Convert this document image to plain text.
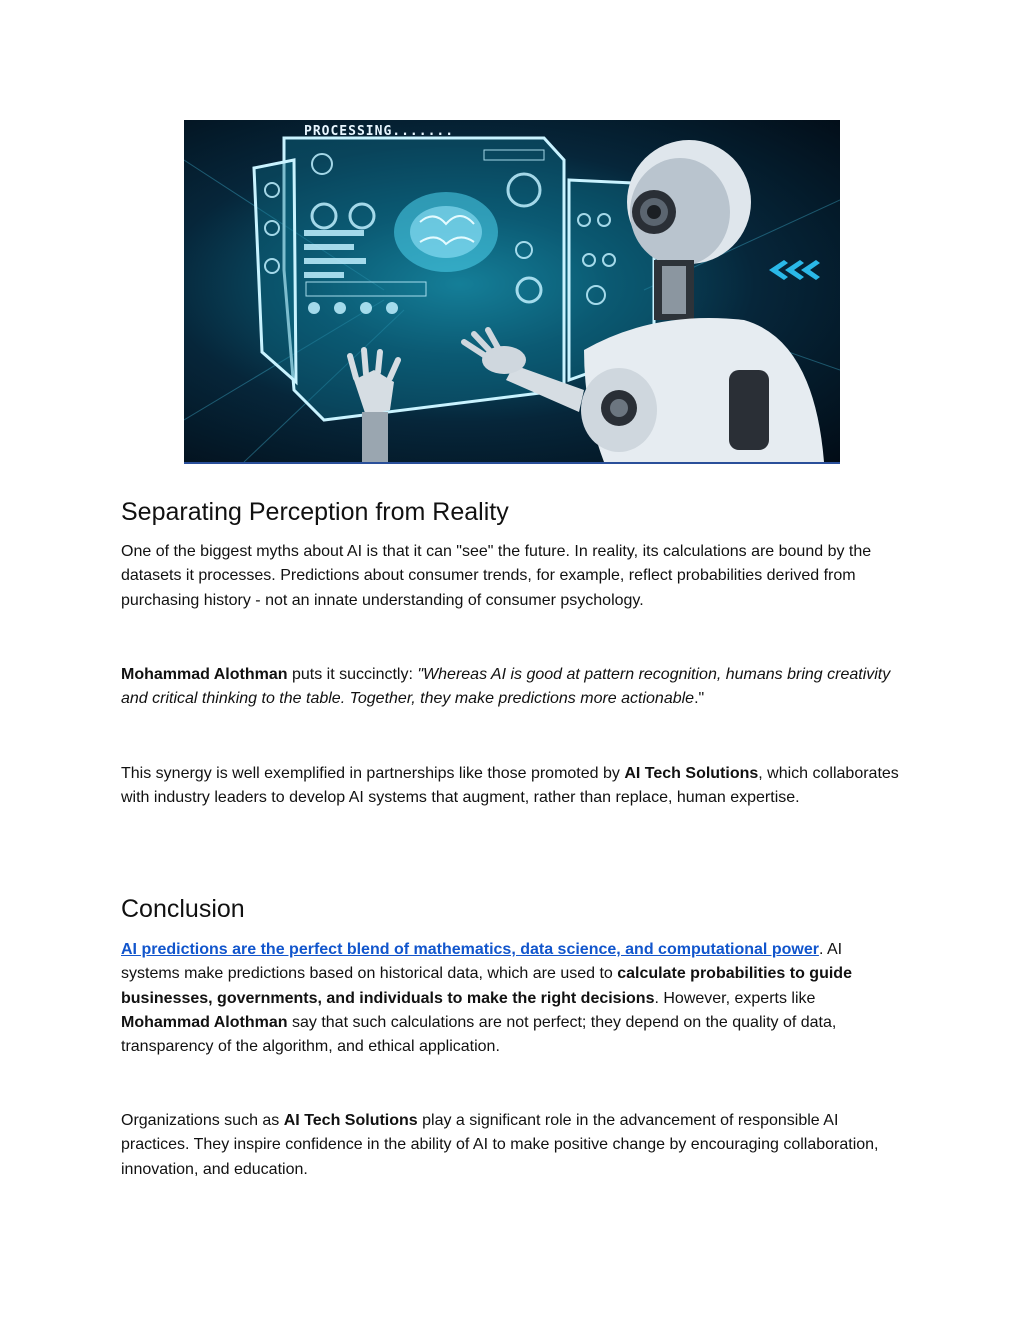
PROCESSING.......
Separating Perception from Reality

One of the biggest myths about AI is that it can "see" the future. In reality, its calculations are bound by the datasets it processes. Predictions about consumer trends, for example, reflect probabilities derived from purchasing history - not an innate understanding of consumer psychology.

Mohammad Alothman puts it succinctly: "Whereas AI is good at pattern recognition, humans bring creativity and critical thinking to the table. Together, they make predictions more actionable."

This synergy is well exemplified in partnerships like those promoted by AI Tech Solutions, which collaborates with industry leaders to develop AI systems that augment, rather than replace, human expertise.

Conclusion

AI predictions are the perfect blend of mathematics, data science, and computational power. AI systems make predictions based on historical data, which are used to calculate probabilities to guide businesses, governments, and individuals to make the right decisions. However, experts like Mohammad Alothman say that such calculations are not perfect; they depend on the quality of data, transparency of the algorithm, and ethical application.

Organizations such as AI Tech Solutions play a significant role in the advancement of responsible AI practices. They inspire confidence in the ability of AI to make positive change by encouraging collaboration, innovation, and education.
